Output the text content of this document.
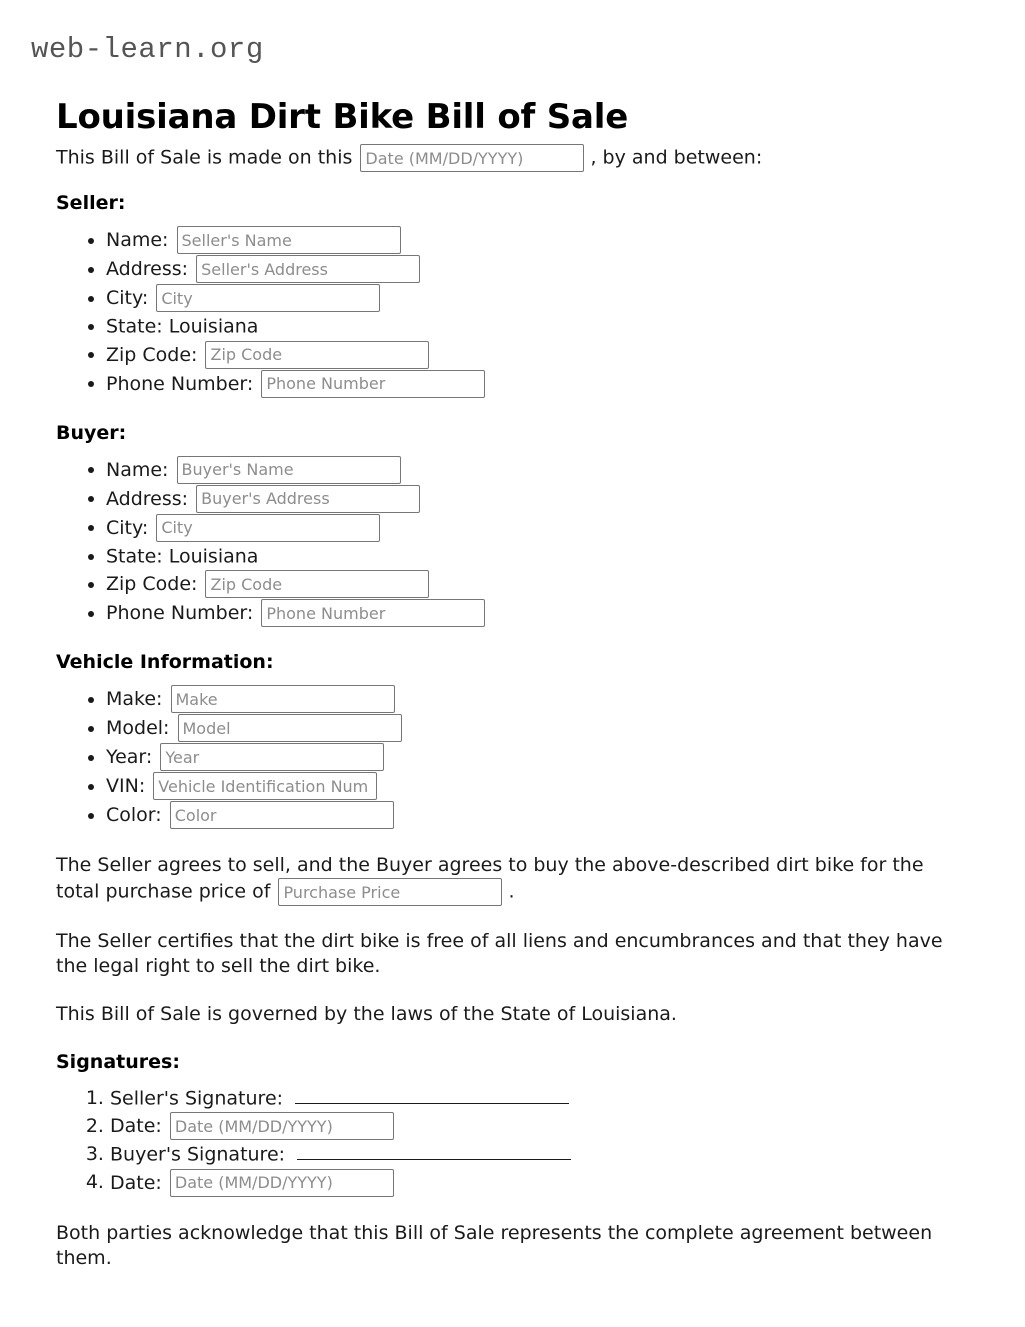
web-learn.org
Louisiana Dirt Bike Bill of Sale

This Bill of Sale is made on this Date (MM/DD/YYYY)	, by and between:

Seller:
• Name: Seller's Name
• Address: Seller's Address
• City: City
• State: Louisiana
• Zip Code: Zip Code
• Phone Number: Phone Number
Buyer:
• Name: Buyer's Name
• Address: Buyer's Address
• City: City
• State: Louisiana
• Zip Code: Zip Code
• Phone Number: Phone Number
Vehicle Information:
• Make: Make
• Model: Model
• Year: Year
• VIN: Vehicle Identification Num
• Color: Color

The Seller agrees to sell, and the Buyer agrees to buy the above-described dirt bike for the total purchase price of Purchase Price	.

The Seller certifies that the dirt bike is free of all liens and encumbrances and that they have the legal right to sell the dirt bike.

This Bill of Sale is governed by the laws of the State of Louisiana.

Signatures:
1. Seller's Signature:
2. Date: Date (MM/DD/YYYY)
3. Buyer's Signature:
4. Date: Date (MM/DD/YYYY)

Both parties acknowledge that this Bill of Sale represents the complete agreement between them.
